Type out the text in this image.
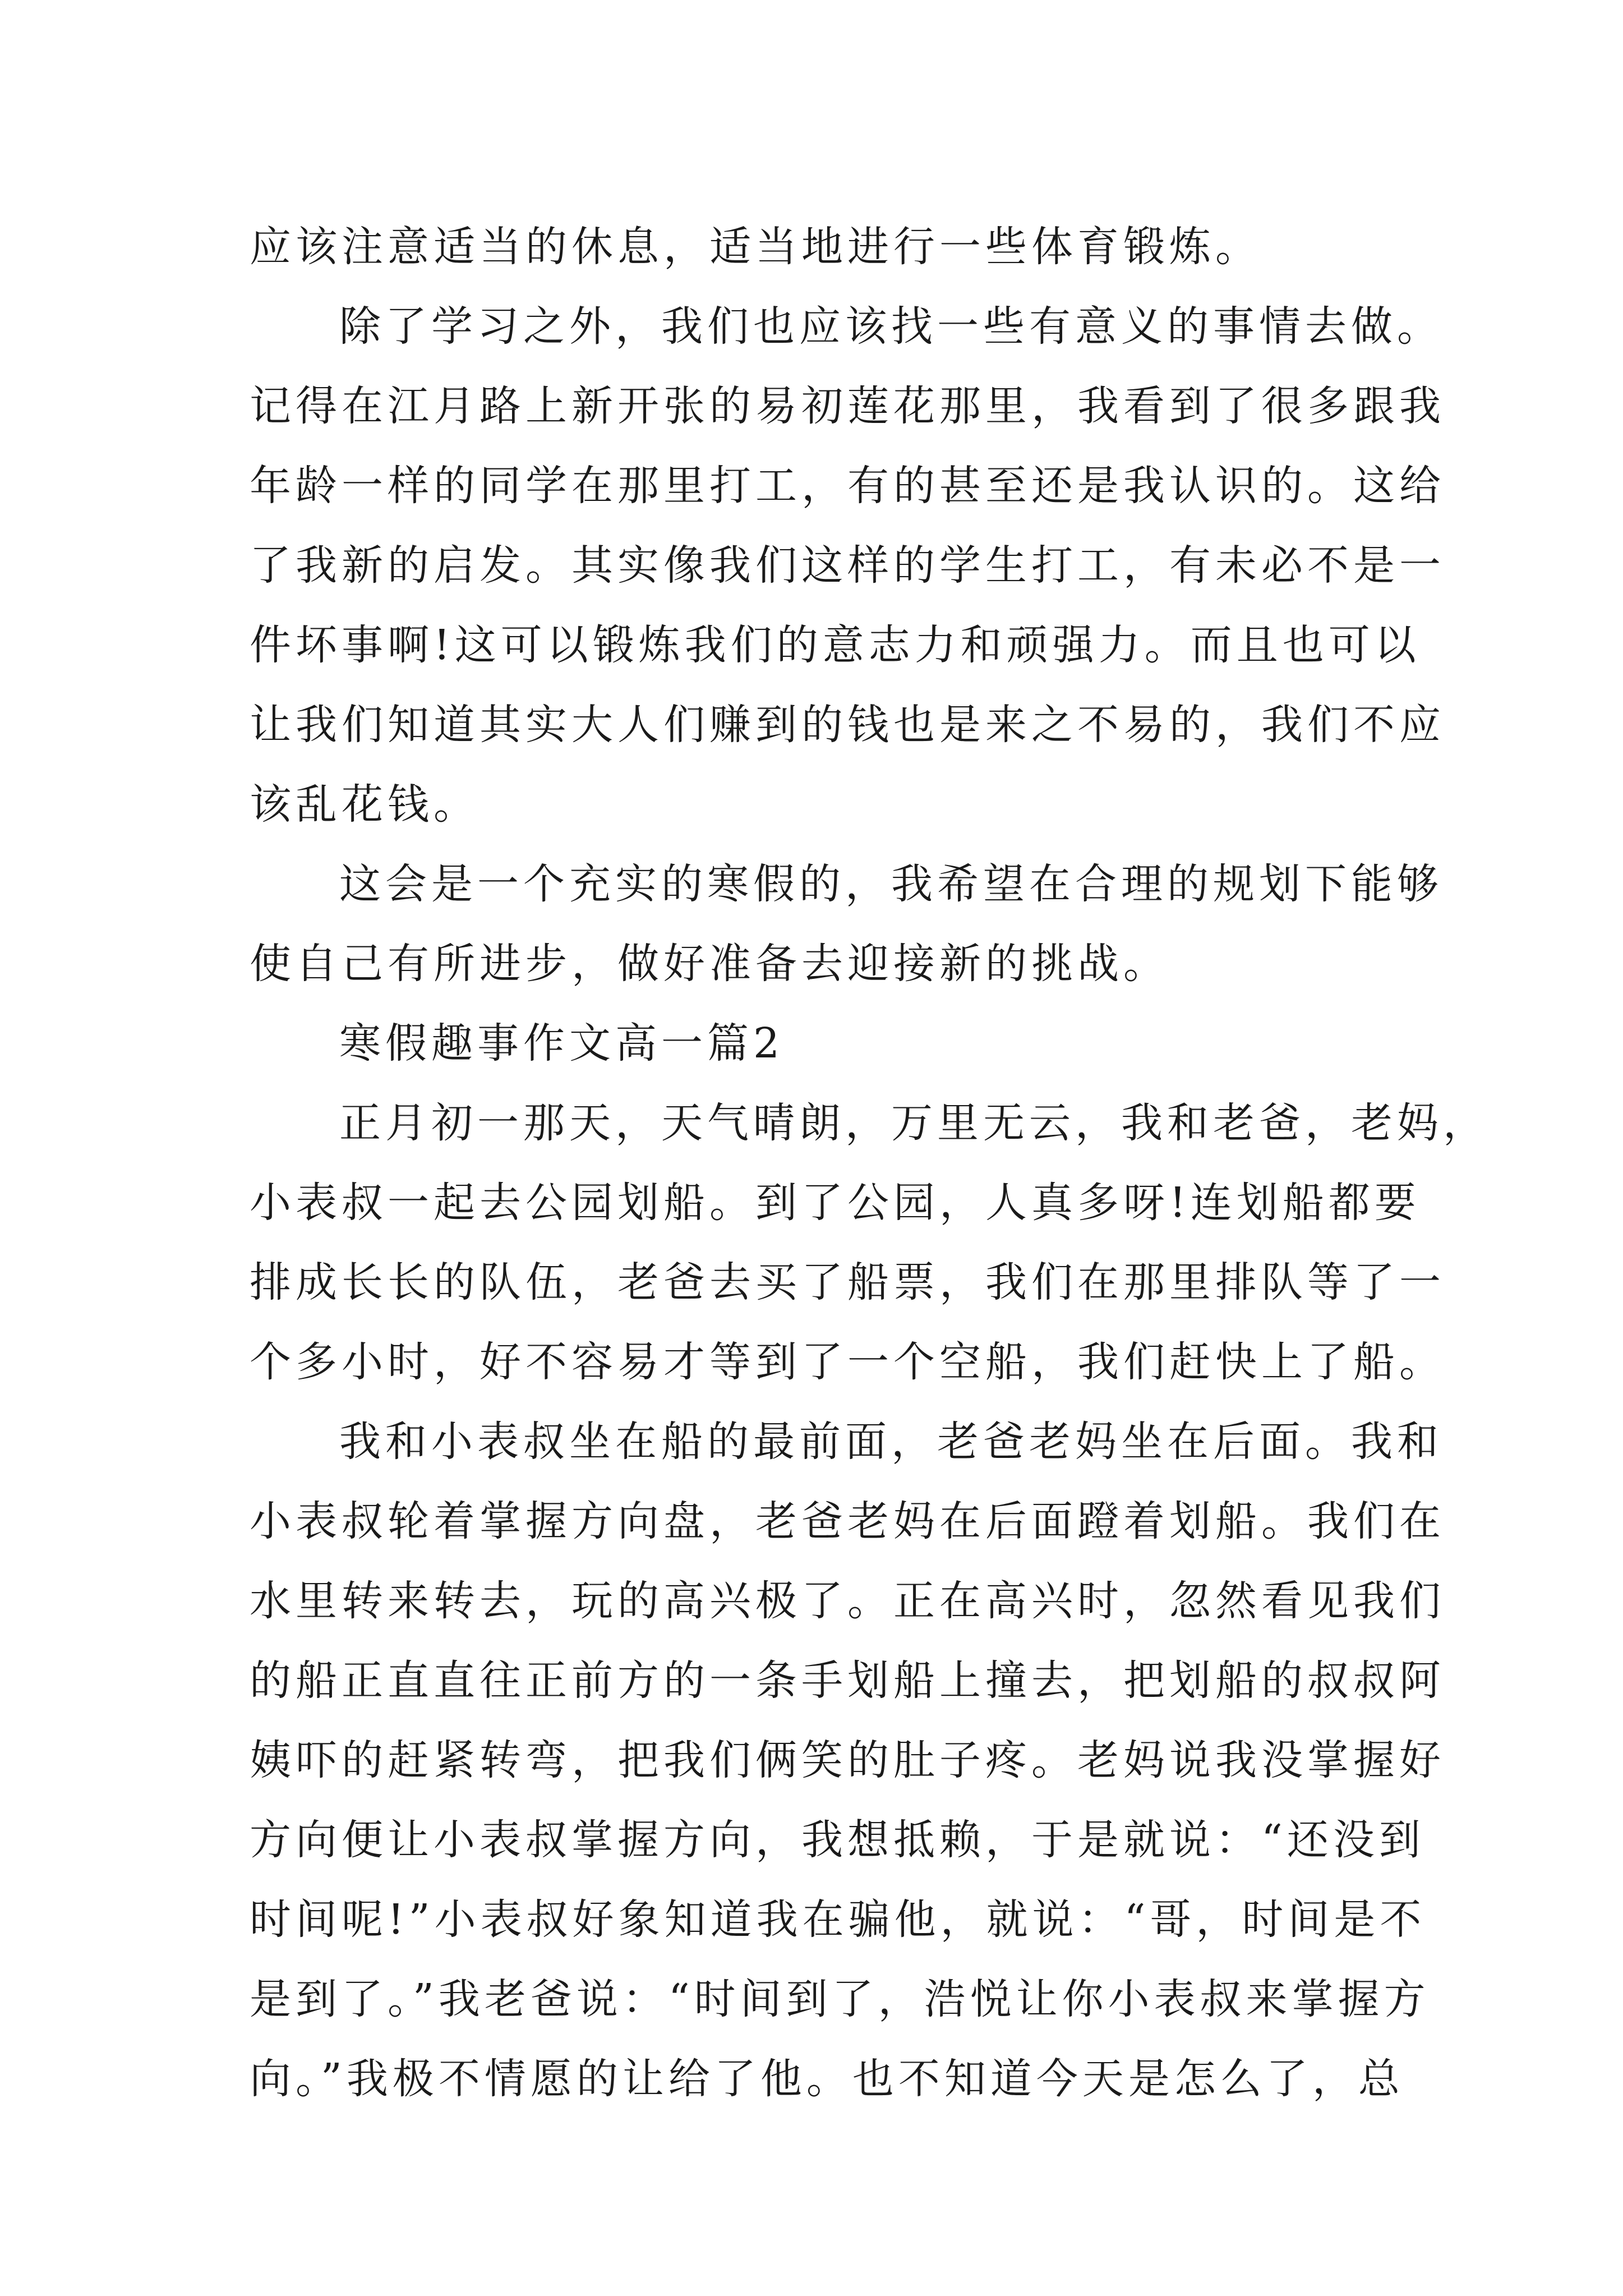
应该注意适当的休息，适当地进行一些体育锻炼。
除了学习之外，我们也应该找一些有意义的事情去做。
记得在江月路上新开张的易初莲花那里，我看到了很多跟我
年龄一样的同学在那里打工，有的甚至还是我认识的。这给
了我新的启发。其实像我们这样的学生打工，有未必不是一
件坏事啊!这可以锻炼我们的意志力和顽强力。而且也可以
让我们知道其实大人们赚到的钱也是来之不易的，我们不应
该乱花钱。
这会是一个充实的寒假的，我希望在合理的规划下能够
使自己有所进步，做好准备去迎接新的挑战。
寒假趣事作文高一篇2
正月初一那天，天气晴朗，万里无云，我和老爸，老妈，
小表叔一起去公园划船。到了公园，人真多呀!连划船都要
排成长长的队伍，老爸去买了船票，我们在那里排队等了一
个多小时，好不容易才等到了一个空船，我们赶快上了船。
我和小表叔坐在船的最前面，老爸老妈坐在后面。我和
小表叔轮着掌握方向盘，老爸老妈在后面蹬着划船。我们在
水里转来转去，玩的高兴极了。正在高兴时，忽然看见我们
的船正直直往正前方的一条手划船上撞去，把划船的叔叔阿
姨吓的赶紧转弯，把我们俩笑的肚子疼。老妈说我没掌握好
方向便让小表叔掌握方向，我想抵赖，于是就说：“还没到
时间呢!”小表叔好象知道我在骗他，就说：“哥，时间是不
是到了。”我老爸说：“时间到了，浩悦让你小表叔来掌握方
向。”我极不情愿的让给了他。也不知道今天是怎么了，总
